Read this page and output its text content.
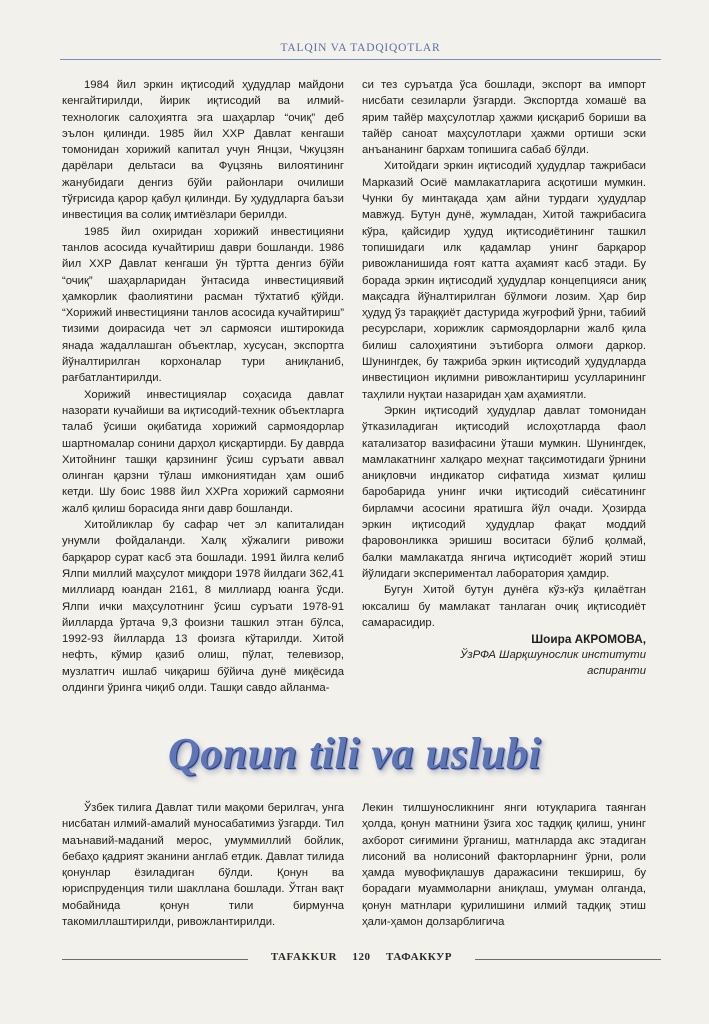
TALQIN VA TADQIQOTLAR

1984 йил эркин иқтисодий ҳудудлар майдони кенгайтирилди, йирик иқтисодий ва илмий-технологик салоҳиятга эга шаҳарлар “очиқ” деб эълон қилинди. 1985 йил ХХР Давлат кенгаши томонидан хорижий капитал учун Янцзи, Чжуцзян дарёлари дельтаси ва Фуцзянь вилоятининг жанубидаги денгиз бўйи районлари очилиши тўғрисида қарор қабул қилинди. Бу ҳудудларга баъзи инвестиция ва солиқ имтиёзлари берилди.

1985 йил охиридан хорижий инвестицияни танлов асосида кучайтириш даври бошланди. 1986 йил ХХР Давлат кенгаши ўн тўртта денгиз бўйи “очиқ” шаҳарларидан ўнтасида инвестициявий ҳамкорлик фаолиятини расман тўхтатиб қўйди. “Хорижий инвестицияни танлов асосида кучайтириш” тизими доирасида чет эл сармояси иштирокида янада жадаллашган объектлар, хусусан, экспортга йўналтирилган корхоналар тури аниқланиб, рағбатлантирилди.

Хорижий инвестициялар соҳасида давлат назорати кучайиши ва иқтисодий-техник объектларга талаб ўсиши оқибатида хорижий сармоядорлар шартномалар сонини дарҳол қисқартирди. Бу даврда Хитойнинг ташқи қарзининг ўсиш суръати аввал олинган қарзни тўлаш имкониятидан ҳам ошиб кетди. Шу боис 1988 йил ХХРга хорижий сармояни жалб қилиш борасида янги давр бошланди.

Хитойликлар бу сафар чет эл капиталидан унумли фойдаланди. Халқ хўжалиги ривожи барқарор сурат касб эта бошлади. 1991 йилга келиб Ялпи миллий маҳсулот миқдори 1978 йилдаги 362,41 миллиард юандан 2161, 8 миллиард юанга ўсди. Ялпи ички маҳсулотнинг ўсиш суръати 1978-91 йилларда ўртача 9,3 фоизни ташкил этган бўлса, 1992-93 йилларда 13 фоизга кўтарилди. Хитой нефть, кўмир қазиб олиш, пўлат, телевизор, музлатгич ишлаб чиқариш бўйича дунё миқёсида олдинги ўринга чиқиб олди. Ташқи савдо айланма-

си тез суръатда ўса бошлади, экспорт ва импорт нисбати сезиларли ўзгарди. Экспортда хомашё ва ярим тайёр маҳсулотлар ҳажми қисқариб бориши ва тайёр саноат маҳсулотлари ҳажми ортиши эски анъананинг бархам топишига сабаб бўлди.

Хитойдаги эркин иқтисодий ҳудудлар тажрибаси Марказий Осиё мамлакатларига асқотиши мумкин. Чунки бу минтақада ҳам айни турдаги ҳудудлар мавжуд. Бутун дунё, жумладан, Хитой тажрибасига кўра, қайсидир ҳудуд иқтисодиётининг ташкил топишидаги илк қадамлар унинг барқарор ривожланишида ғоят катта аҳамият касб этади. Бу борада эркин иқтисодий ҳудудлар концепцияси аниқ мақсадга йўналтирилган бўлмоғи лозим. Ҳар бир ҳудуд ўз тараққиёт дастурида жуғрофий ўрни, табиий ресурслари, хорижлик сармоядорларни жалб қила билиш салоҳиятини эътиборга олмоғи даркор. Шунингдек, бу тажриба эркин иқтисодий ҳудудларда инвестицион иқлимни ривожлантириш усулларининг таҳлили нуқтаи назаридан ҳам аҳамиятли.

Эркин иқтисодий ҳудудлар давлат томонидан ўтказиладиган иқтисодий ислоҳотларда фаол катализатор вазифасини ўташи мумкин. Шунингдек, мамлакатнинг халқаро меҳнат тақсимотидаги ўрнини аниқловчи индикатор сифатида хизмат қилиш баробарида унинг ички иқтисодий сиёсатининг бирламчи асосини яратишга йўл очади. Ҳозирда эркин иқтисодий ҳудудлар фақат моддий фаровонликка эришиш воситаси бўлиб қолмай, балки мамлакатда янгича иқтисодиёт жорий этиш йўлидаги экспериментал лаборатория ҳамдир.

Бугун Хитой бутун дунёга кўз-кўз қилаётган юксалиш бу мамлакат танлаган очиқ иқтисодиёт самарасидир.

Шоира АКРОМОВА,

ЎзРФА Шарқшунослик институти
аспиранти

Qonun tili va uslubi

Ўзбек тилига Давлат тили мақоми берилгач, унга нисбатан илмий-амалий муносабатимиз ўзгарди. Тил маънавий-маданий мерос, умуммиллий бойлик, бебаҳо қадрият эканини англаб етдик. Давлат тилида қонунлар ёзиладиган бўлди. Қонун ва юриспруденция тили шакллана бошлади. Ўтган вақт мобайнида қонун тили бирмунча такомиллаштирилди, ривожлантирилди.

Лекин тилшуносликнинг янги ютуқларига таянган ҳолда, қонун матнини ўзига хос тадқиқ қилиш, унинг ахборот сиғимини ўрганиш, матнларда акс этадиган лисоний ва нолисоний факторларнинг ўрни, роли ҳамда мувофиқлашув даражасини текшириш, бу борадаги муаммоларни аниқлаш, умуман олганда, қонун матнлари қурилишини илмий тадқиқ этиш ҳали-ҳамон долзарблигича

TAFAKKUR 120 ТАФАККУР
